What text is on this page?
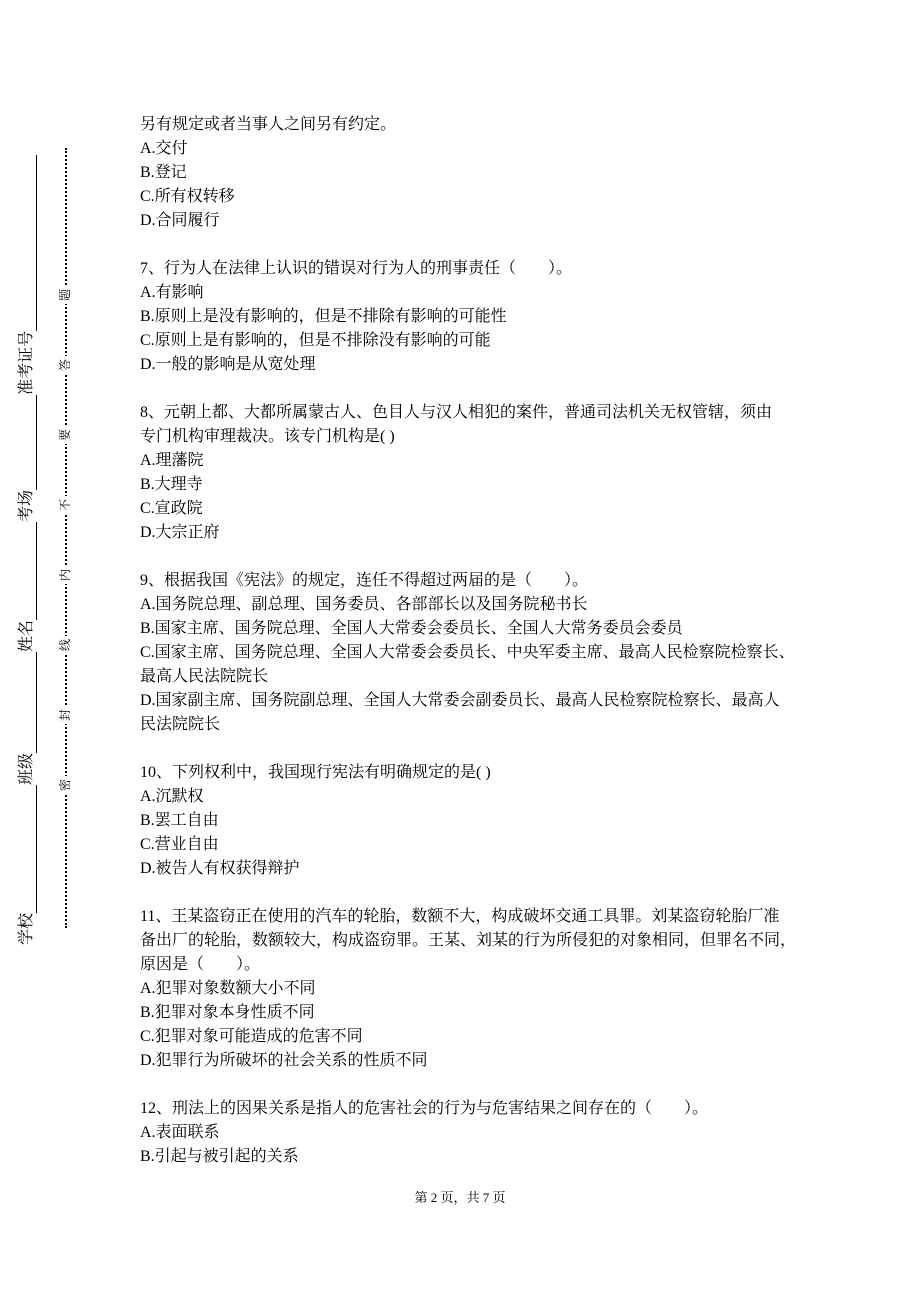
学校
班级
姓名
考场
准考证号
密
封
线
内
不
要
答
题
另有规定或者当事人之间另有约定。
A.交付
B.登记
C.所有权转移
D.合同履行
7、行为人在法律上认识的错误对行为人的刑事责任（　　）。
A.有影响
B.原则上是没有影响的，但是不排除有影响的可能性
C.原则上是有影响的，但是不排除没有影响的可能
D.一般的影响是从宽处理
8、元朝上都、大都所属蒙古人、色目人与汉人相犯的案件，普通司法机关无权管辖，须由
专门机构审理裁决。该专门机构是( )
A.理藩院
B.大理寺
C.宣政院
D.大宗正府
9、根据我国《宪法》的规定，连任不得超过两届的是（　　）。
A.国务院总理、副总理、国务委员、各部部长以及国务院秘书长
B.国家主席、国务院总理、全国人大常委会委员长、全国人大常务委员会委员
C.国家主席、国务院总理、全国人大常委会委员长、中央军委主席、最高人民检察院检察长、
最高人民法院院长
D.国家副主席、国务院副总理、全国人大常委会副委员长、最高人民检察院检察长、最高人
民法院院长
10、下列权利中，我国现行宪法有明确规定的是( )
A.沉默权
B.罢工自由
C.营业自由
D.被告人有权获得辩护
11、王某盗窃正在使用的汽车的轮胎，数额不大，构成破坏交通工具罪。刘某盗窃轮胎厂准
备出厂的轮胎，数额较大，构成盗窃罪。王某、刘某的行为所侵犯的对象相同，但罪名不同，
原因是（　　）。
A.犯罪对象数额大小不同
B.犯罪对象本身性质不同
C.犯罪对象可能造成的危害不同
D.犯罪行为所破坏的社会关系的性质不同
12、刑法上的因果关系是指人的危害社会的行为与危害结果之间存在的（　　）。
A.表面联系
B.引起与被引起的关系
第 2 页，共 7 页
